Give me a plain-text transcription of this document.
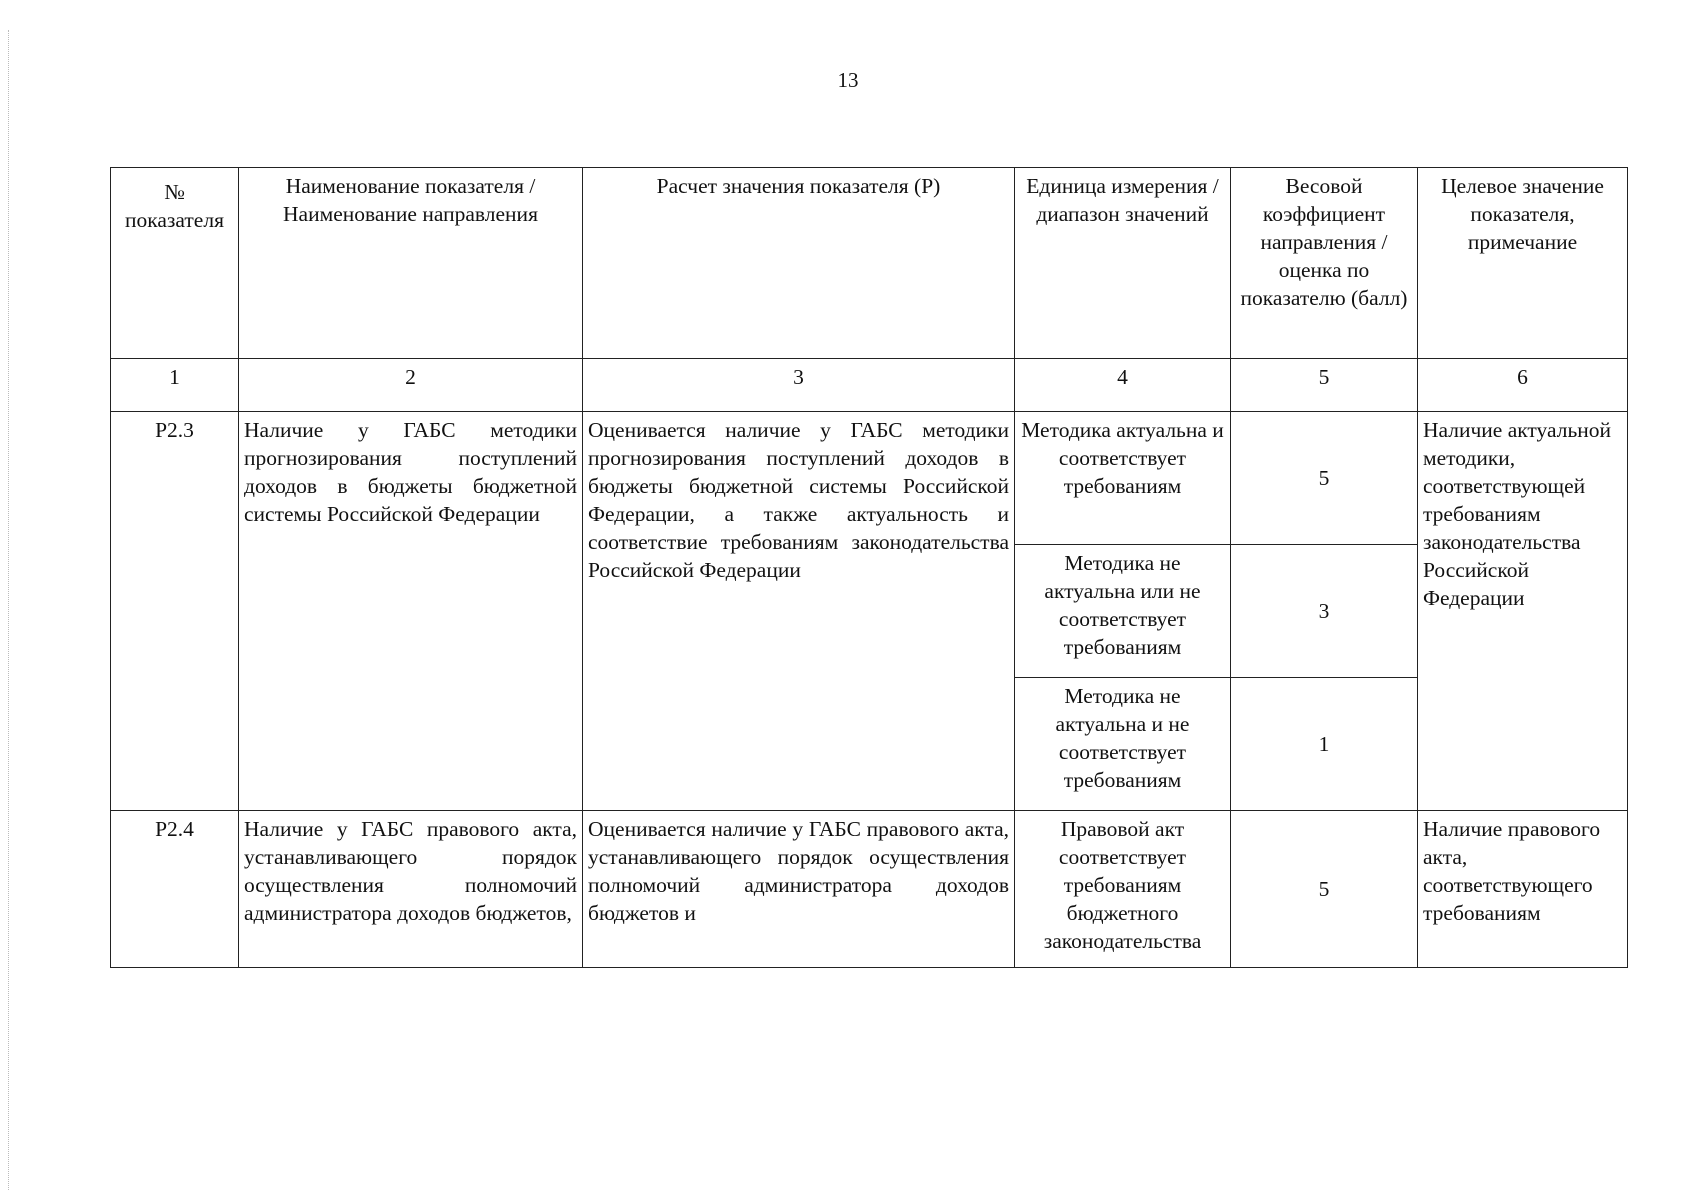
13
№ показателя	Наименование показателя / Наименование направления	Расчет значения показателя (Р)	Единица измерения / диапазон значений	Весовой коэффициент направления / оценка по показателю (балл)	Целевое значение показателя, примечание
1	2	3	4	5	6
Р2.3	Наличие у ГАБС методики прогнозирования поступлений доходов в бюджеты бюджетной системы Российской Федерации	Оценивается наличие у ГАБС методики прогнозирования поступлений доходов в бюджеты бюджетной системы Российской Федерации, а также актуальность и соответствие требованиям законодательства Российской Федерации	Методика актуальна и соответствует требованиям	5	Наличие актуальной методики, соответствующей требованиям законодательства Российской Федерации
			Методика не актуальна или не соответствует требованиям	3	
			Методика не актуальна и не соответствует требованиям	1	
Р2.4	Наличие у ГАБС правового акта, устанавливающего порядок осуществления полномочий администратора доходов бюджетов,	Оценивается наличие у ГАБС правового акта, устанавливающего порядок осуществления полномочий администратора доходов бюджетов и	Правовой акт соответствует требованиям бюджетного законодательства	5	Наличие правового акта, соответствующего требованиям
